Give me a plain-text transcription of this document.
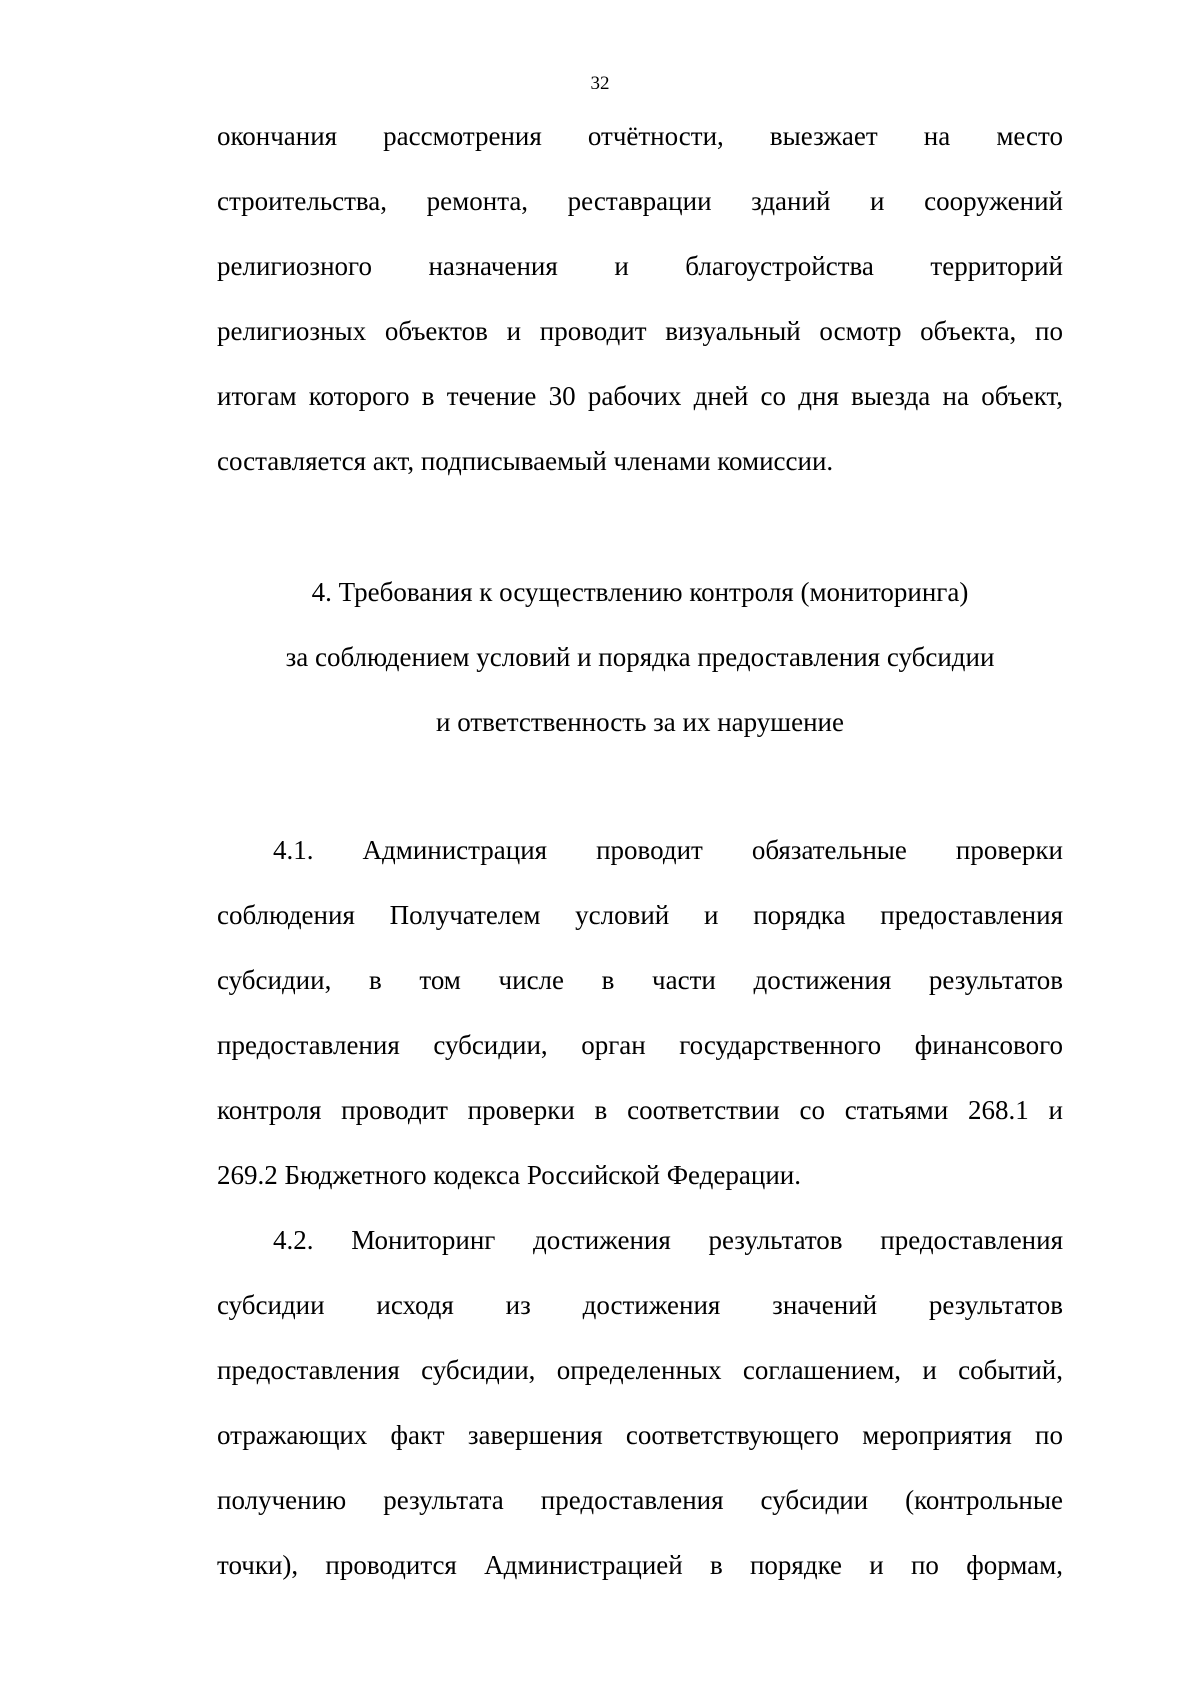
32
окончания рассмотрения отчётности, выезжает на место
строительства, ремонта, реставрации зданий и сооружений
религиозного назначения и благоустройства территорий
религиозных объектов и проводит визуальный осмотр объекта, по
итогам которого в течение 30 рабочих дней со дня выезда на объект,
составляется акт, подписываемый членами комиссии.
4. Требования к осуществлению контроля (мониторинга)
за соблюдением условий и порядка предоставления субсидии
и ответственность за их нарушение
4.1. Администрация проводит обязательные проверки
соблюдения Получателем условий и порядка предоставления
субсидии, в том числе в части достижения результатов
предоставления субсидии, орган государственного финансового
контроля проводит проверки в соответствии со статьями 268.1 и
269.2 Бюджетного кодекса Российской Федерации.
4.2. Мониторинг достижения результатов предоставления
субсидии исходя из достижения значений результатов
предоставления субсидии, определенных соглашением, и событий,
отражающих факт завершения соответствующего мероприятия по
получению результата предоставления субсидии (контрольные
точки), проводится Администрацией в порядке и по формам,
